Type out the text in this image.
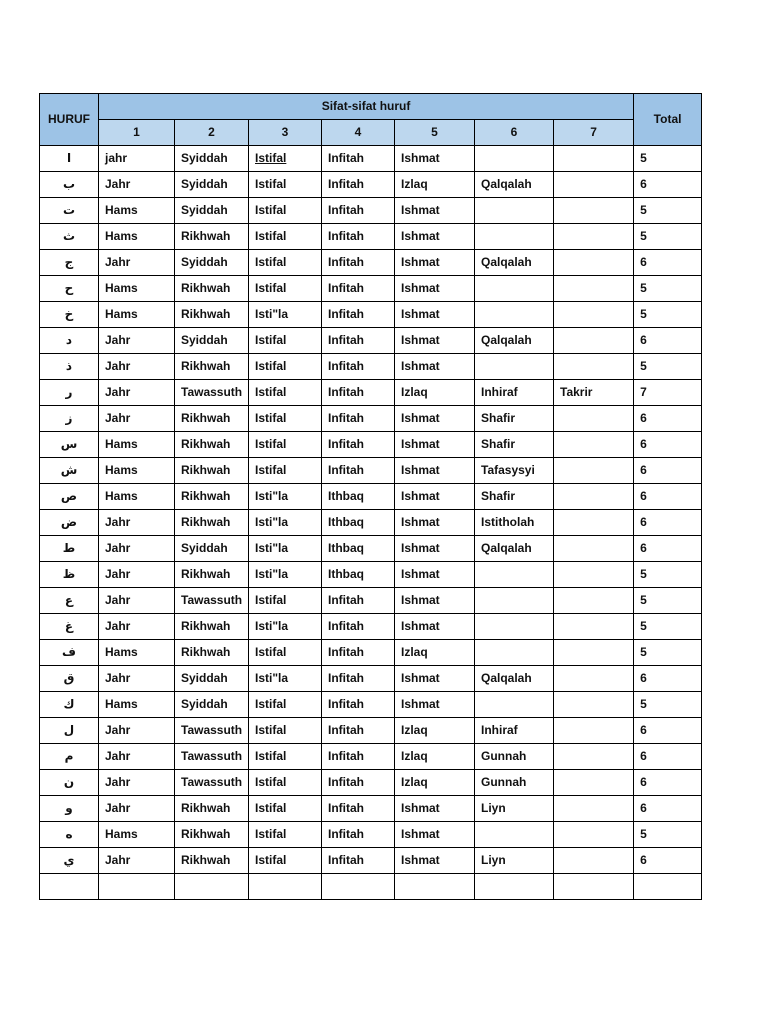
HURUF	Sifat-sifat huruf							Total
	1	2	3	4	5	6	7	
ا	jahr	Syiddah	Istifal	Infitah	Ishmat			5
ب	Jahr	Syiddah	Istifal	Infitah	Izlaq	Qalqalah		6
ت	Hams	Syiddah	Istifal	Infitah	Ishmat			5
ث	Hams	Rikhwah	Istifal	Infitah	Ishmat			5
ج	Jahr	Syiddah	Istifal	Infitah	Ishmat	Qalqalah		6
ح	Hams	Rikhwah	Istifal	Infitah	Ishmat			5
خ	Hams	Rikhwah	Isti"la	Infitah	Ishmat			5
د	Jahr	Syiddah	Istifal	Infitah	Ishmat	Qalqalah		6
ذ	Jahr	Rikhwah	Istifal	Infitah	Ishmat			5
ر	Jahr	Tawassuth	Istifal	Infitah	Izlaq	Inhiraf	Takrir	7
ز	Jahr	Rikhwah	Istifal	Infitah	Ishmat	Shafir		6
س	Hams	Rikhwah	Istifal	Infitah	Ishmat	Shafir		6
ش	Hams	Rikhwah	Istifal	Infitah	Ishmat	Tafasysyi		6
ص	Hams	Rikhwah	Isti"la	Ithbaq	Ishmat	Shafir		6
ض	Jahr	Rikhwah	Isti"la	Ithbaq	Ishmat	Istitholah		6
ط	Jahr	Syiddah	Isti"la	Ithbaq	Ishmat	Qalqalah		6
ظ	Jahr	Rikhwah	Isti"la	Ithbaq	Ishmat			5
ع	Jahr	Tawassuth	Istifal	Infitah	Ishmat			5
غ	Jahr	Rikhwah	Isti"la	Infitah	Ishmat			5
ف	Hams	Rikhwah	Istifal	Infitah	Izlaq			5
ق	Jahr	Syiddah	Isti"la	Infitah	Ishmat	Qalqalah		6
ك	Hams	Syiddah	Istifal	Infitah	Ishmat			5
ل	Jahr	Tawassuth	Istifal	Infitah	Izlaq	Inhiraf		6
م	Jahr	Tawassuth	Istifal	Infitah	Izlaq	Gunnah		6
ن	Jahr	Tawassuth	Istifal	Infitah	Izlaq	Gunnah		6
و	Jahr	Rikhwah	Istifal	Infitah	Ishmat	Liyn		6
ه	Hams	Rikhwah	Istifal	Infitah	Ishmat			5
ي	Jahr	Rikhwah	Istifal	Infitah	Ishmat	Liyn		6
